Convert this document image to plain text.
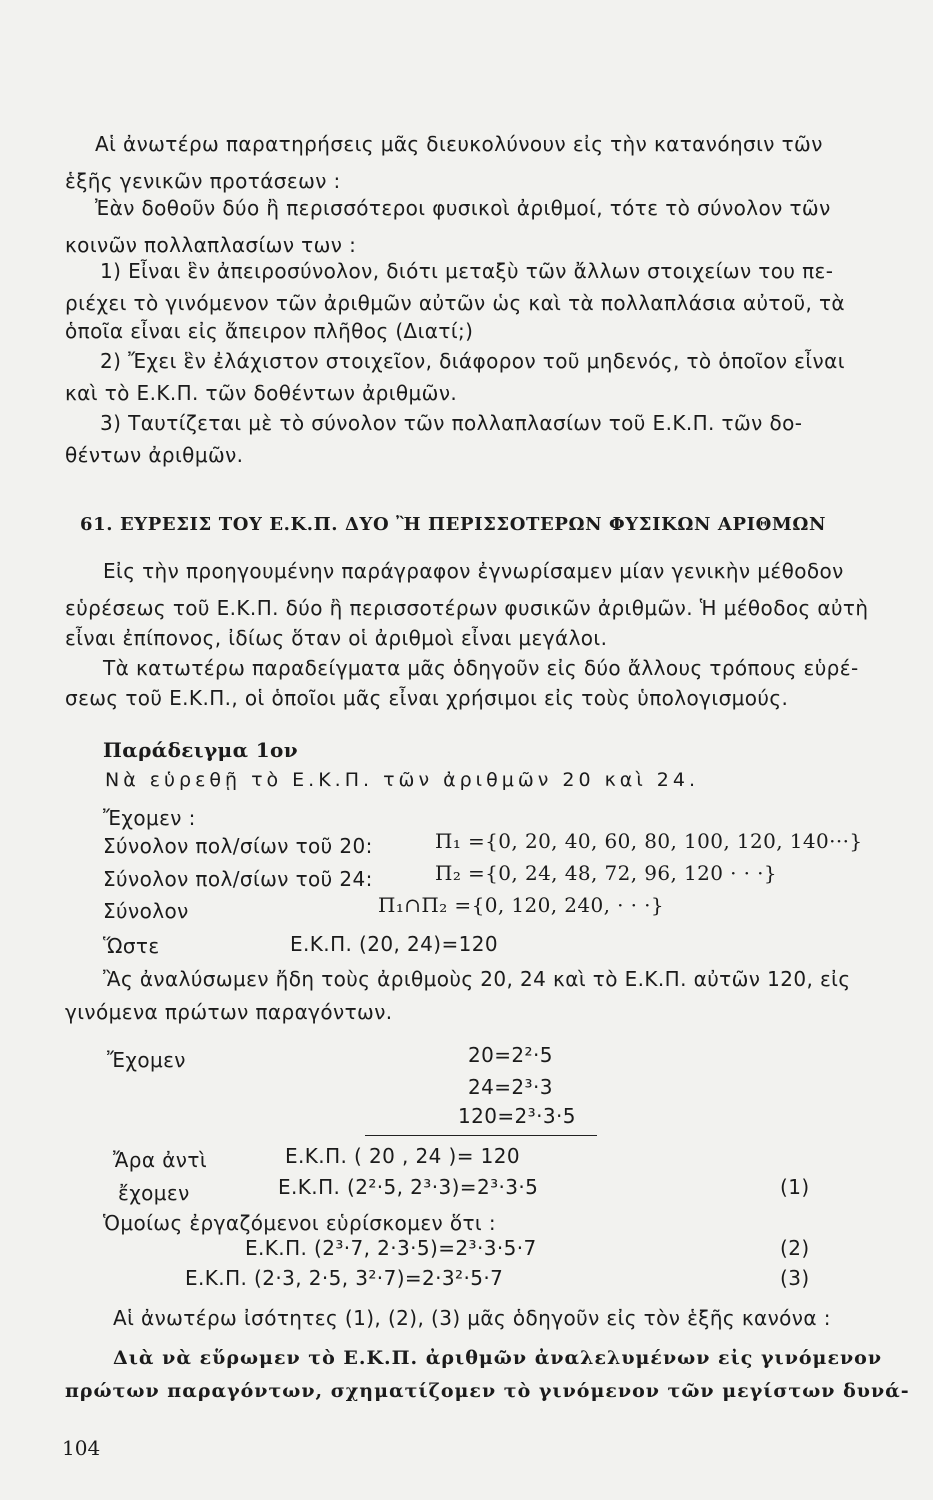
Αἱ ἀνωτέρω παρατηρήσεις μᾶς διευκολύνουν εἰς τὴν κατανόησιν τῶν
ἑξῆς γενικῶν προτάσεων :
Ἐὰν δοθοῦν δύο ἢ περισσότεροι φυσικοὶ ἀριθμοί, τότε τὸ σύνολον τῶν
κοινῶν πολλαπλασίων των :
1) Εἶναι ἓν ἀπειροσύνολον, διότι μεταξὺ τῶν ἄλλων στοιχείων του πε-
ριέχει τὸ γινόμενον τῶν ἀριθμῶν αὐτῶν ὡς καὶ τὰ πολλαπλάσια αὐτοῦ, τὰ
ὁποῖα εἶναι εἰς ἄπειρον πλῆθος (Διατί;)
2) Ἔχει ἓν ἐλάχιστον στοιχεῖον, διάφορον τοῦ μηδενός, τὸ ὁποῖον εἶναι
καὶ τὸ Ε.Κ.Π. τῶν δοθέντων ἀριθμῶν.
3) Ταυτίζεται μὲ τὸ σύνολον τῶν πολλαπλασίων τοῦ Ε.Κ.Π. τῶν δο-
θέντων ἀριθμῶν.
61. ΕΥΡΕΣΙΣ ΤΟΥ Ε.Κ.Π. ΔΥΟ Ἢ ΠΕΡΙΣΣΟΤΕΡΩΝ ΦΥΣΙΚΩΝ ΑΡΙΘΜΩΝ
Εἰς τὴν προηγουμένην παράγραφον ἐγνωρίσαμεν μίαν γενικὴν μέθοδον
εὑρέσεως τοῦ Ε.Κ.Π. δύο ἢ περισσοτέρων φυσικῶν ἀριθμῶν. Ἡ μέθοδος αὐτὴ
εἶναι ἐπίπονος, ἰδίως ὅταν οἱ ἀριθμοὶ εἶναι μεγάλοι.
Τὰ κατωτέρω παραδείγματα μᾶς ὁδηγοῦν εἰς δύο ἄλλους τρόπους εὑρέ-
σεως τοῦ Ε.Κ.Π., οἱ ὁποῖοι μᾶς εἶναι χρήσιμοι εἰς τοὺς ὑπολογισμούς.
Παράδειγμα 1ον
Νὰ εὑρεθῇ τὸ Ε.Κ.Π. τῶν ἀριθμῶν 20 καὶ 24.
Ἔχομεν :
Σύνολον πολ/σίων τοῦ 20:	Π₁ ={0, 20, 40, 60, 80, 100, 120, 140···}
Σύνολον πολ/σίων τοῦ 24:	Π₂ ={0, 24, 48, 72, 96, 120 · · ·}
Σύνολον	Π₁∩Π₂ ={0, 120, 240, · · ·}
Ὥστε	Ε.Κ.Π. (20, 24)=120
Ἂς ἀναλύσωμεν ἤδη τοὺς ἀριθμοὺς 20, 24 καὶ τὸ Ε.Κ.Π. αὐτῶν 120, εἰς
γινόμενα πρώτων παραγόντων.
Ἔχομεν	20=2²·5
24=2³·3
120=2³·3·5
Ἄρα ἀντὶ	Ε.Κ.Π. ( 20 , 24 )= 120
ἔχομεν	Ε.Κ.Π. (2²·5, 2³·3)=2³·3·5	(1)
Ὁμοίως ἐργαζόμενοι εὑρίσκομεν ὅτι :
Ε.Κ.Π. (2³·7, 2·3·5)=2³·3·5·7	(2)
Ε.Κ.Π. (2·3, 2·5, 3²·7)=2·3²·5·7	(3)
Αἱ ἀνωτέρω ἰσότητες (1), (2), (3) μᾶς ὁδηγοῦν εἰς τὸν ἑξῆς κανόνα :
Διὰ νὰ εὕρωμεν τὸ Ε.Κ.Π. ἀριθμῶν ἀναλελυμένων εἰς γινόμενον
πρώτων παραγόντων, σχηματίζομεν τὸ γινόμενον τῶν μεγίστων δυνά-
104
